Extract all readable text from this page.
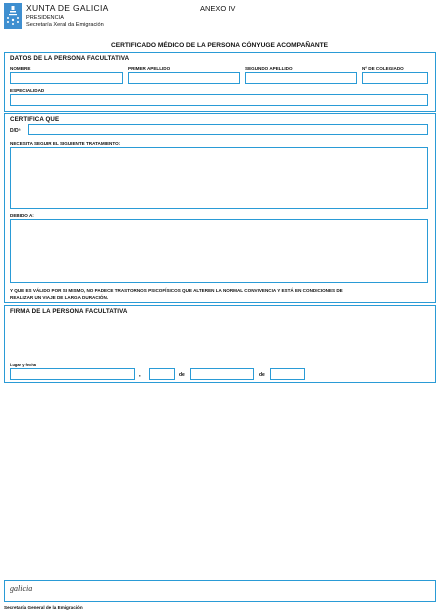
XUNTA DE GALICIA
PRESIDENCIA
Secretaría Xeral da Emigración
ANEXO IV
CERTIFICADO MÉDICO DE LA PERSONA CÓNYUGE ACOMPAÑANTE
DATOS DE LA PERSONA FACULTATIVA
NOMBRE	PRIMER APELLIDO	SEGUNDO APELLIDO	Nº DE COLEGIADO
ESPECIALIDAD
CERTIFICA QUE
D/Dª
NECESITA SEGUIR EL SIGUIENTE TRATAMIENTO:
DEBIDO A:
Y QUE ES VÁLIDO POR SI MISMO, NO PADECE TRASTORNOS PSICOFÍSICOS QUE ALTEREN LA NORMAL CONVIVENCIA Y ESTÁ EN CONDICIONES DE
REALIZAR UN VIAJE DE LARGA DURACIÓN.
FIRMA DE LA PERSONA FACULTATIVA
Lugar y fecha
,	de	de
galicia
Secretaría General de la Emigración
